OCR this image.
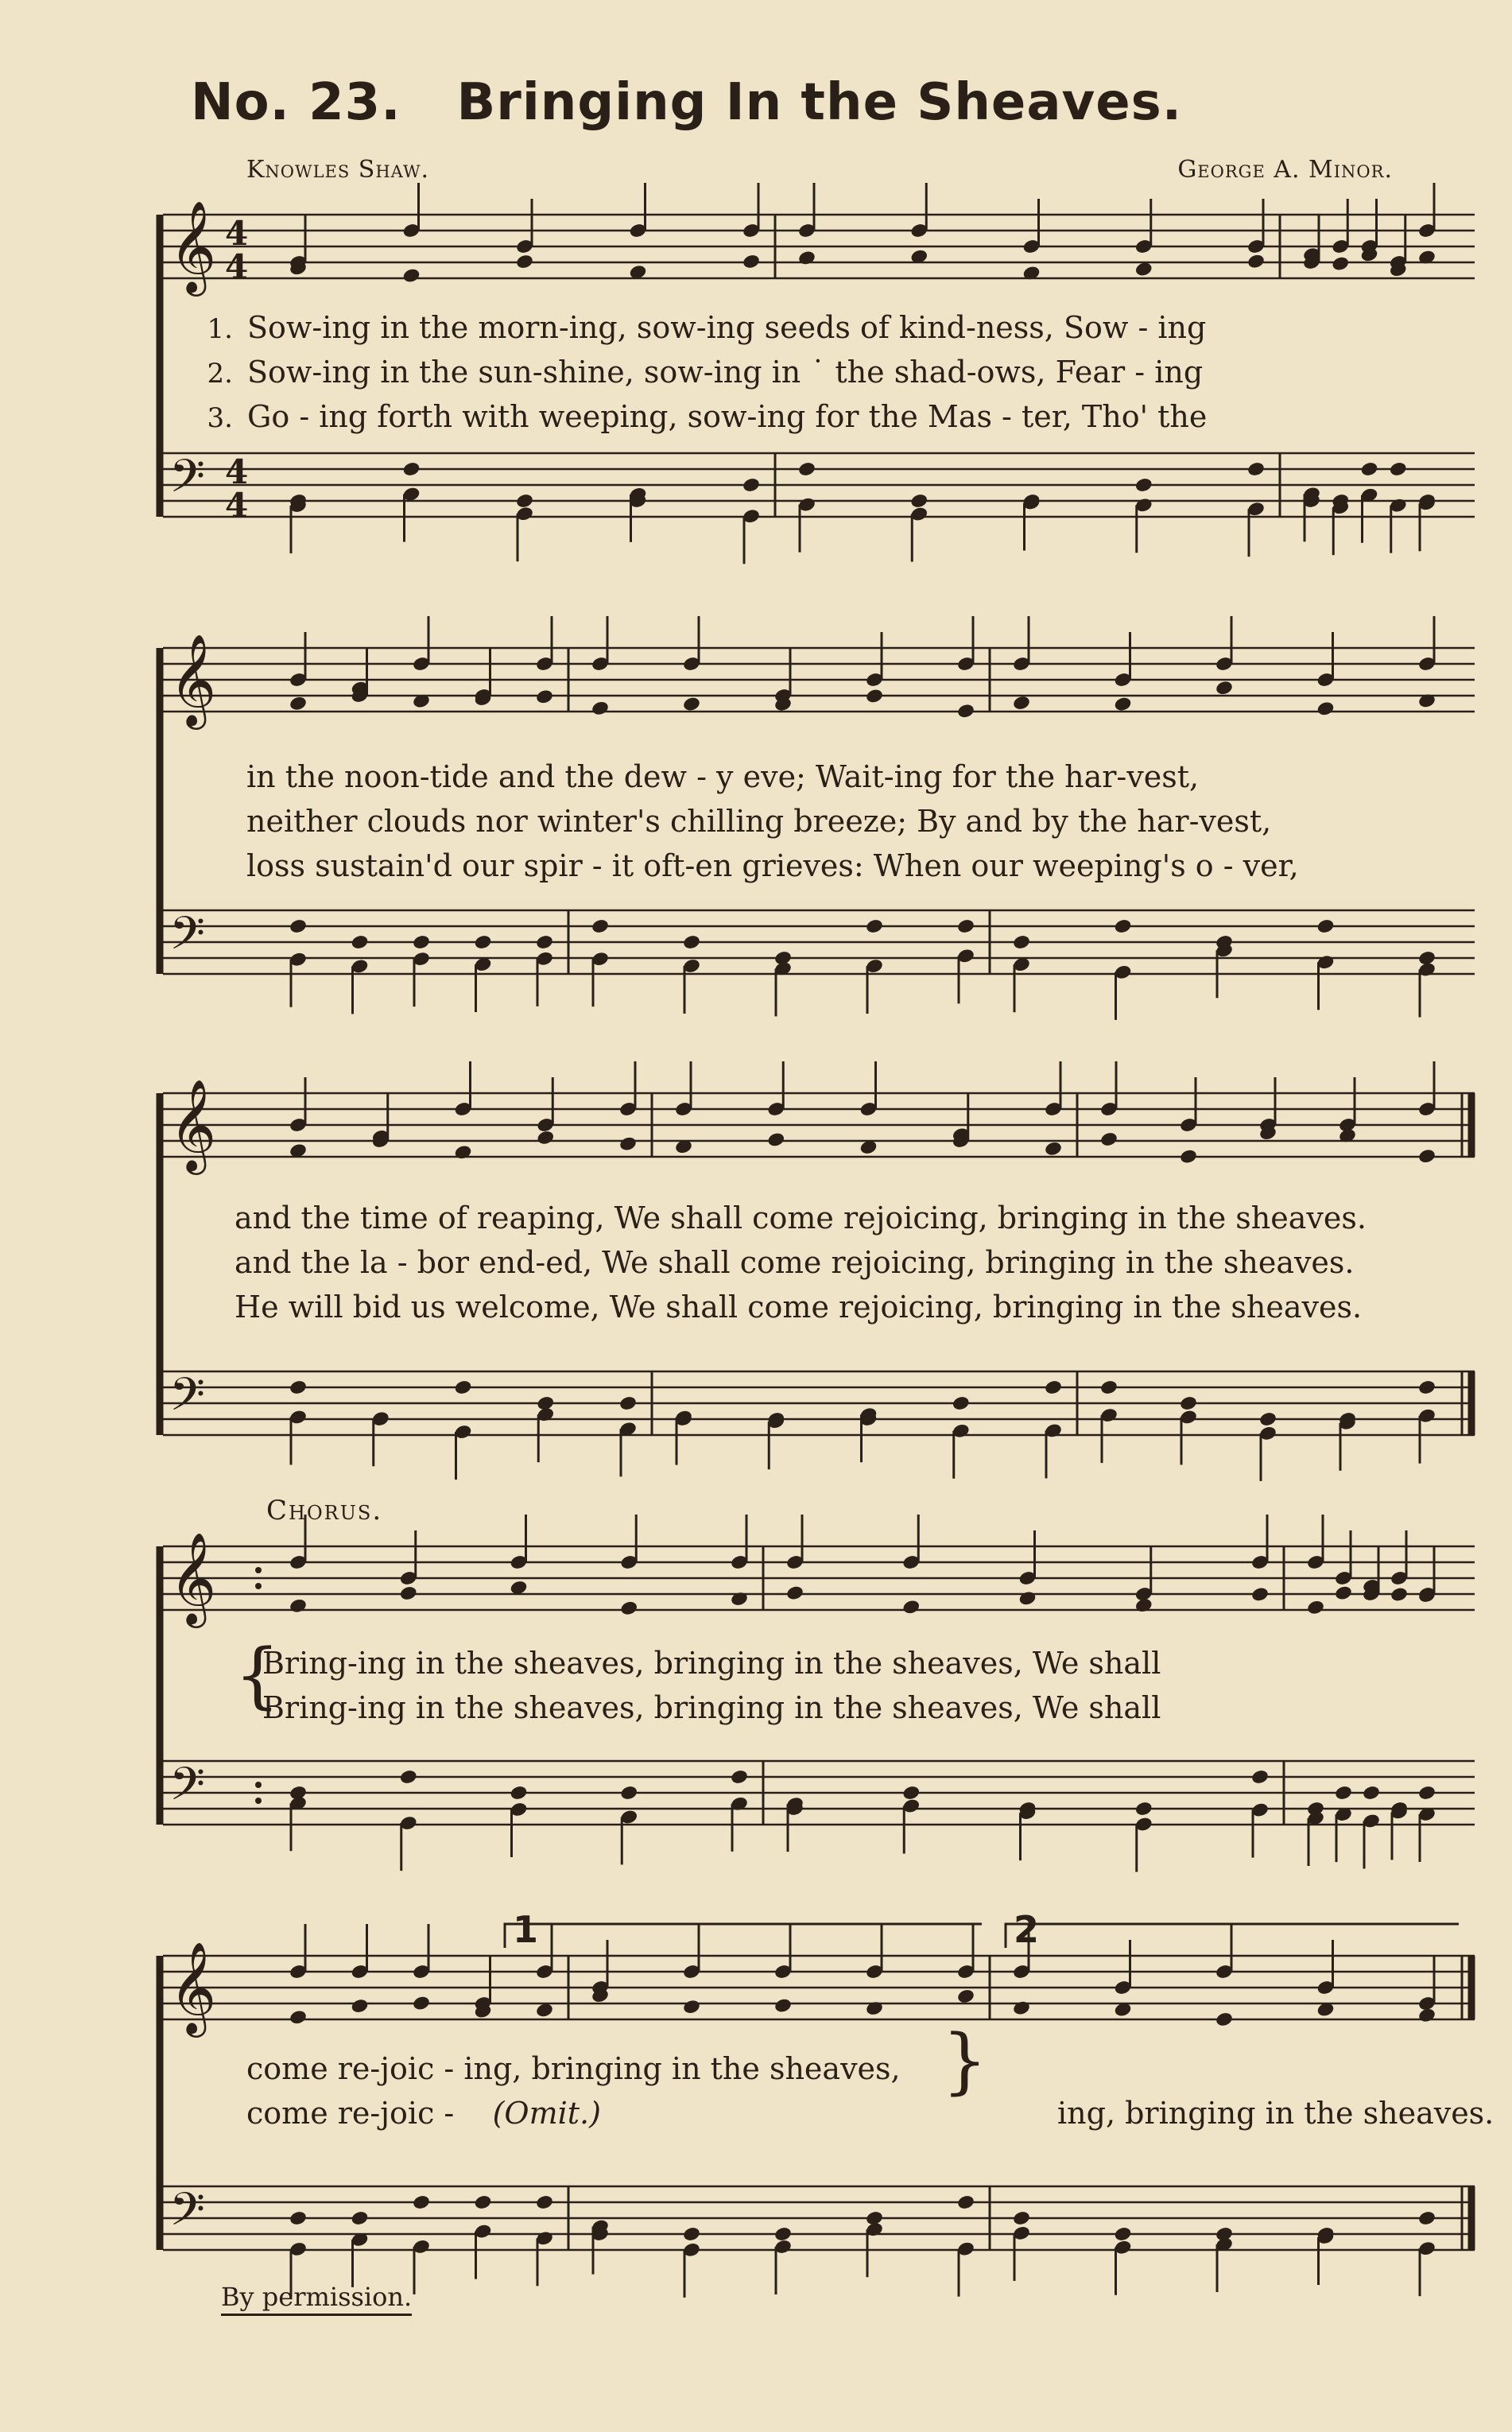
No. 23. Bringing In the Sheaves.
Knowles Shaw.	George A. Minor.
𝄞 4
4
𝄢 4
4
1. Sow-ing in the morn-ing, sow-ing seeds of kind-ness, Sow - ing
2. Sow-ing in the sun-shine, sow-ing in ˙ the shad-ows, Fear - ing
3. Go - ing forth with weeping, sow-ing for the Mas - ter, Tho' the
𝄞
𝄢
in the noon-tide and the dew - y eve; Wait-ing for the har-vest,
neither clouds nor winter's chilling breeze; By and by the har-vest,
loss sustain'd our spir - it oft-en grieves: When our weeping's o - ver,
𝄞
𝄢
and the time of reaping, We shall come rejoicing, bringing in the sheaves.
and the la - bor end-ed, We shall come rejoicing, bringing in the sheaves.
He will bid us welcome, We shall come rejoicing, bringing in the sheaves.
Chorus.
𝄞
𝄢
{
Bring-ing in the sheaves, bringing in the sheaves, We shall
Bring-ing in the sheaves, bringing in the sheaves, We shall
𝄞
𝄢
1	2
come re-joic - ing, bringing in the sheaves,
come re-joic - (Omit.)	ing, bringing in the sheaves.
}
By permission.
